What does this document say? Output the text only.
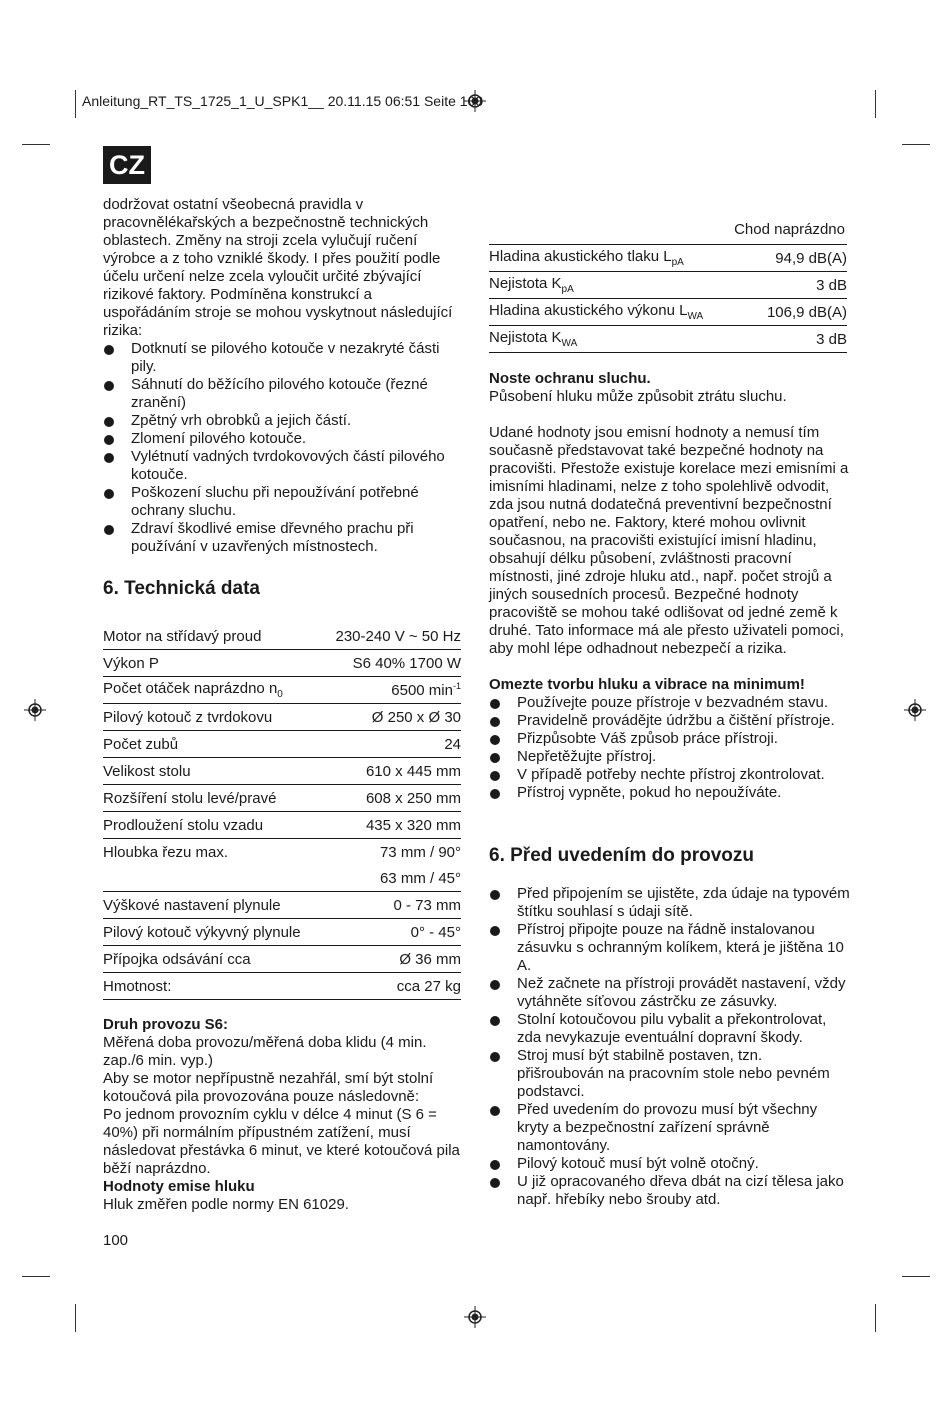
Anleitung_RT_TS_1725_1_U_SPK1__ 20.11.15 06:51 Seite 100
CZ

dodržovat ostatní všeobecná pravidla v pracovnělékařských a bezpečnostně technických oblastech. Změny na stroji zcela vylučují ručení výrobce a z toho vzniklé škody. I přes použití podle účelu určení nelze zcela vyloučit určité zbývající rizikové faktory. Podmíněna konstrukcí a uspořádáním stroje se mohou vyskytnout následující rizika:

Dotknutí se pilového kotouče v nezakryté části pily.
Sáhnutí do běžícího pilového kotouče (řezné zranění)
Zpětný vrh obrobků a jejich částí.
Zlomení pilového kotouče.
Vylétnutí vadných tvrdokovových částí pilového kotouče.
Poškození sluchu při nepoužívání potřebné ochrany sluchu.
Zdraví škodlivé emise dřevného prachu při používání v uzavřených místnostech.
6. Technická data
Motor na střídavý proud	230-240 V ~ 50 Hz
Výkon P	S6 40% 1700 W
Počet otáček naprázdno $n_0$	6500 $\min^{-1}$
Pilový kotouč z tvrdokovu	Ø 250 x Ø 30
Počet zubů	24
Velikost stolu	610 x 445 mm
Rozšíření stolu levé/pravé	608 x 250 mm
Prodloužení stolu vzadu	435 x 320 mm
Hloubka řezu max.	73 mm / 90°
	63 mm / 45°
Výškové nastavení plynule	0 - 73 mm
Pilový kotouč výkyvný plynule	0° - 45°
Přípojka odsávání cca	Ø 36 mm
Hmotnost:	cca 27 kg

Druh provozu S6:

Měřená doba provozu/měřená doba klidu (4 min. zap./6 min. vyp.)
Aby se motor nepřípustně nezahřál, smí být stolní kotoučová pila provozována pouze následovně:
Po jednom provozním cyklu v délce 4 minut (S 6 = 40%) při normálním přípustném zatížení, musí následovat přestávka 6 minut, ve které kotoučová pila běží naprázdno.

Hodnoty emise hluku

Hluk změřen podle normy EN 61029.

100
Chod naprázdno
Hladina akustického tlaku $L_{pA}$	94,9 dB(A)
Nejistota $K_{pA}$	3 dB
Hladina akustického výkonu $L_{WA}$	106,9 dB(A)
Nejistota $K_{WA}$	3 dB

Noste ochranu sluchu.

Působení hluku může způsobit ztrátu sluchu.

Udané hodnoty jsou emisní hodnoty a nemusí tím současně představovat také bezpečné hodnoty na pracovišti. Přestože existuje korelace mezi emisními a imisními hladinami, nelze z toho spolehlivě odvodit, zda jsou nutná dodatečná preventivní bezpečnostní opatření, nebo ne. Faktory, které mohou ovlivnit současnou, na pracovišti existující imisní hladinu, obsahují délku působení, zvláštnosti pracovní místnosti, jiné zdroje hluku atd., např. počet strojů a jiných sousedních procesů. Bezpečné hodnoty pracoviště se mohou také odlišovat od jedné země k druhé. Tato informace má ale přesto uživateli pomoci, aby mohl lépe odhadnout nebezpečí a rizika.

Omezte tvorbu hluku a vibrace na minimum!

Používejte pouze přístroje v bezvadném stavu.
Pravidelně provádějte údržbu a čištění přístroje.
Přizpůsobte Váš způsob práce přístroji.
Nepřetěžujte přístroj.
V případě potřeby nechte přístroj zkontrolovat.
Přístroj vypněte, pokud ho nepoužíváte.
6. Před uvedením do provozu
Před připojením se ujistěte, zda údaje na typovém štítku souhlasí s údaji sítě.
Přístroj připojte pouze na řádně instalovanou zásuvku s ochranným kolíkem, která je jištěna 10 A.
Než začnete na přístroji provádět nastavení, vždy vytáhněte síťovou zástrčku ze zásuvky.
Stolní kotoučovou pilu vybalit a překontrolovat, zda nevykazuje eventuální dopravní škody.
Stroj musí být stabilně postaven, tzn. přišroubován na pracovním stole nebo pevném podstavci.
Před uvedením do provozu musí být všechny kryty a bezpečnostní zařízení správně namontovány.
Pilový kotouč musí být volně otočný.
U již opracovaného dřeva dbát na cizí tělesa jako např. hřebíky nebo šrouby atd.
